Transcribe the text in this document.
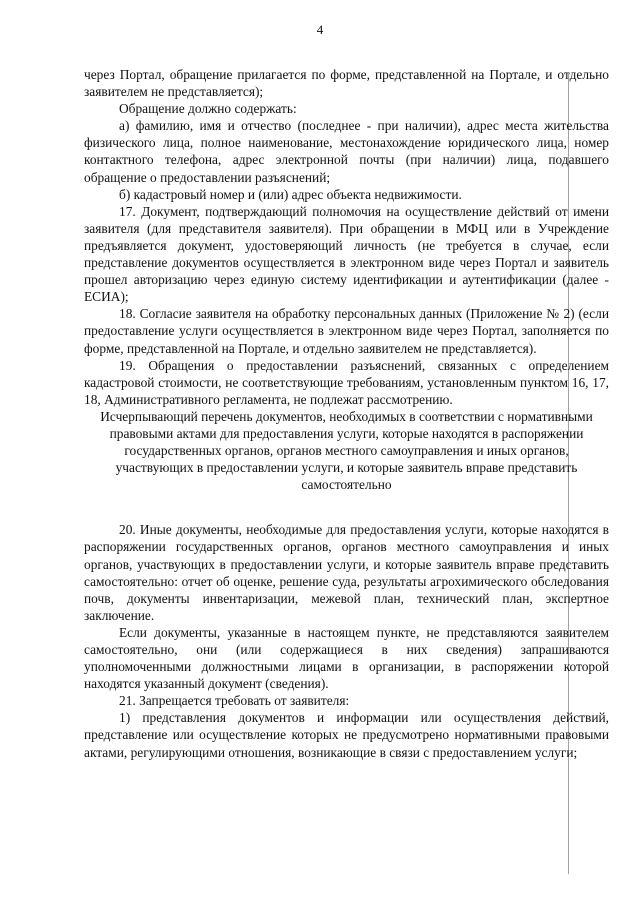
4

через Портал, обращение прилагается по форме, представленной на Портале, и отдельно заявителем не представляется);

Обращение должно содержать:

а) фамилию, имя и отчество (последнее - при наличии), адрес места жительства физического лица, полное наименование, местонахождение юридического лица, номер контактного телефона, адрес электронной почты (при наличии) лица, подавшего обращение о предоставлении разъяснений;

б) кадастровый номер и (или) адрес объекта недвижимости.

17. Документ, подтверждающий полномочия на осуществление действий от имени заявителя (для представителя заявителя). При обращении в МФЦ или в Учреждение предъявляется документ, удостоверяющий личность (не требуется в случае, если представление документов осуществляется в электронном виде через Портал и заявитель прошел авторизацию через единую систему идентификации и аутентификации (далее - ЕСИА);

18. Согласие заявителя на обработку персональных данных (Приложение № 2) (если предоставление услуги осуществляется в электронном виде через Портал, заполняется по форме, представленной на Портале, и отдельно заявителем не представляется).

19. Обращения о предоставлении разъяснений, связанных с определением кадастровой стоимости, не соответствующие требованиям, установленным пунктом 16, 17, 18, Административного регламента, не подлежат рассмотрению.

Исчерпывающий перечень документов, необходимых в соответствии с нормативными правовыми актами для предоставления услуги, которые находятся в распоряжении государственных органов, органов местного самоуправления и иных органов, участвующих в предоставлении услуги, и которые заявитель вправе представить самостоятельно

20. Иные документы, необходимые для предоставления услуги, которые находятся в распоряжении государственных органов, органов местного самоуправления и иных органов, участвующих в предоставлении услуги, и которые заявитель вправе представить самостоятельно: отчет об оценке, решение суда, результаты агрохимического обследования почв, документы инвентаризации, межевой план, технический план, экспертное заключение.

Если документы, указанные в настоящем пункте, не представляются заявителем самостоятельно, они (или содержащиеся в них сведения) запрашиваются уполномоченными должностными лицами в организации, в распоряжении которой находятся указанный документ (сведения).

21. Запрещается требовать от заявителя:

1) представления документов и информации или осуществления действий, представление или осуществление которых не предусмотрено нормативными правовыми актами, регулирующими отношения, возникающие в связи с предоставлением услуги;
